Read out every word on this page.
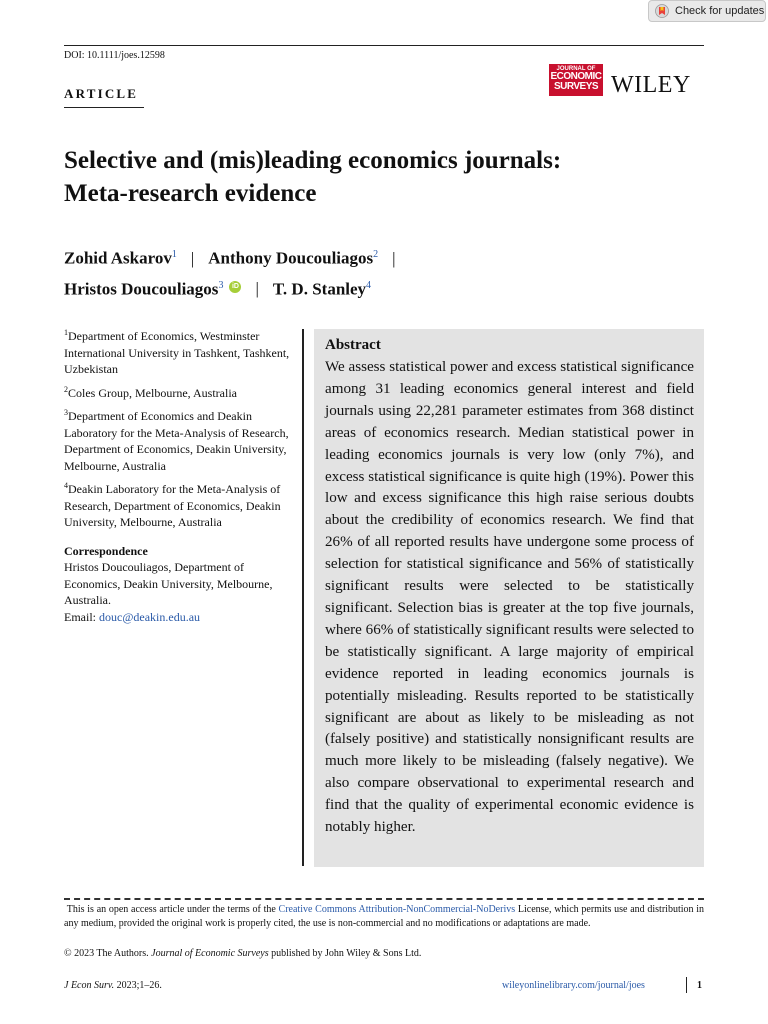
Check for updates
DOI: 10.1111/joes.12598
ARTICLE
JOURNAL OF
ECONOMIC
SURVEYS WILEY
Selective and (mis)leading economics journals:
Meta-research evidence
Zohid Askarov$^1$ | Anthony Doucouliagos$^2$ |
Hristos Doucouliagos$^3$iD | T. D. Stanley$^4$
$^1$Department of Economics, Westminster International University in Tashkent, Tashkent, Uzbekistan
$^2$Coles Group, Melbourne, Australia
$^3$Department of Economics and Deakin Laboratory for the Meta-Analysis of Research, Department of Economics, Deakin University, Melbourne, Australia
$^4$Deakin Laboratory for the Meta-Analysis of Research, Department of Economics, Deakin University, Melbourne, Australia
Correspondence
Hristos Doucouliagos, Department of Economics, Deakin University, Melbourne, Australia.
Email: douc@deakin.edu.au
Abstract
We assess statistical power and excess statistical significance among 31 leading economics general interest and field journals using 22,281 parameter estimates from 368 distinct areas of economics research. Median statistical power in leading economics journals is very low (only 7%), and excess statistical significance is quite high (19%). Power this low and excess significance this high raise serious doubts about the credibility of economics research. We find that 26% of all reported results have undergone some process of selection for statistical significance and 56% of statistically significant results were selected to be statistically significant. Selection bias is greater at the top five journals, where 66% of statistically significant results were selected to be statistically significant. A large majority of empirical evidence reported in leading economics journals is potentially misleading. Results reported to be statistically significant are about as likely to be misleading as not (falsely positive) and statistically nonsignificant results are much more likely to be misleading (falsely negative). We also compare observational to experimental research and find that the quality of experimental economic evidence is notably higher.
This is an open access article under the terms of the Creative Commons Attribution-NonCommercial-NoDerivs License, which permits use and distribution in any medium, provided the original work is properly cited, the use is non-commercial and no modifications or adaptations are made.
© 2023 The Authors. Journal of Economic Surveys published by John Wiley & Sons Ltd.
J Econ Surv. 2023;1–26.	wileyonlinelibrary.com/journal/joes	1
